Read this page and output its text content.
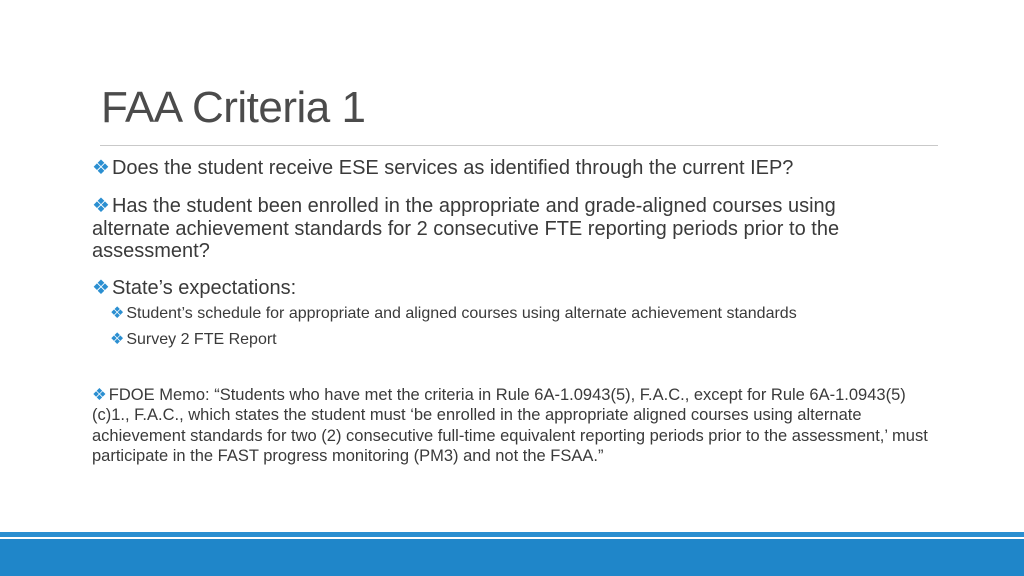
FAA Criteria 1
❖ Does the student receive ESE services as identified through the current IEP?
❖ Has the student been enrolled in the appropriate and grade-aligned courses using alternate achievement standards for 2 consecutive FTE reporting periods prior to the assessment?
❖ State’s expectations:
❖ Student’s schedule for appropriate and aligned courses using alternate achievement standards
❖ Survey 2 FTE Report
❖ FDOE Memo: “Students who have met the criteria in Rule 6A-1.0943(5), F.A.C., except for Rule 6A-1.0943(5)(c)1., F.A.C., which states the student must ‘be enrolled in the appropriate aligned courses using alternate achievement standards for two (2) consecutive full-time equivalent reporting periods prior to the assessment,’ must participate in the FAST progress monitoring (PM3) and not the FSAA.”
